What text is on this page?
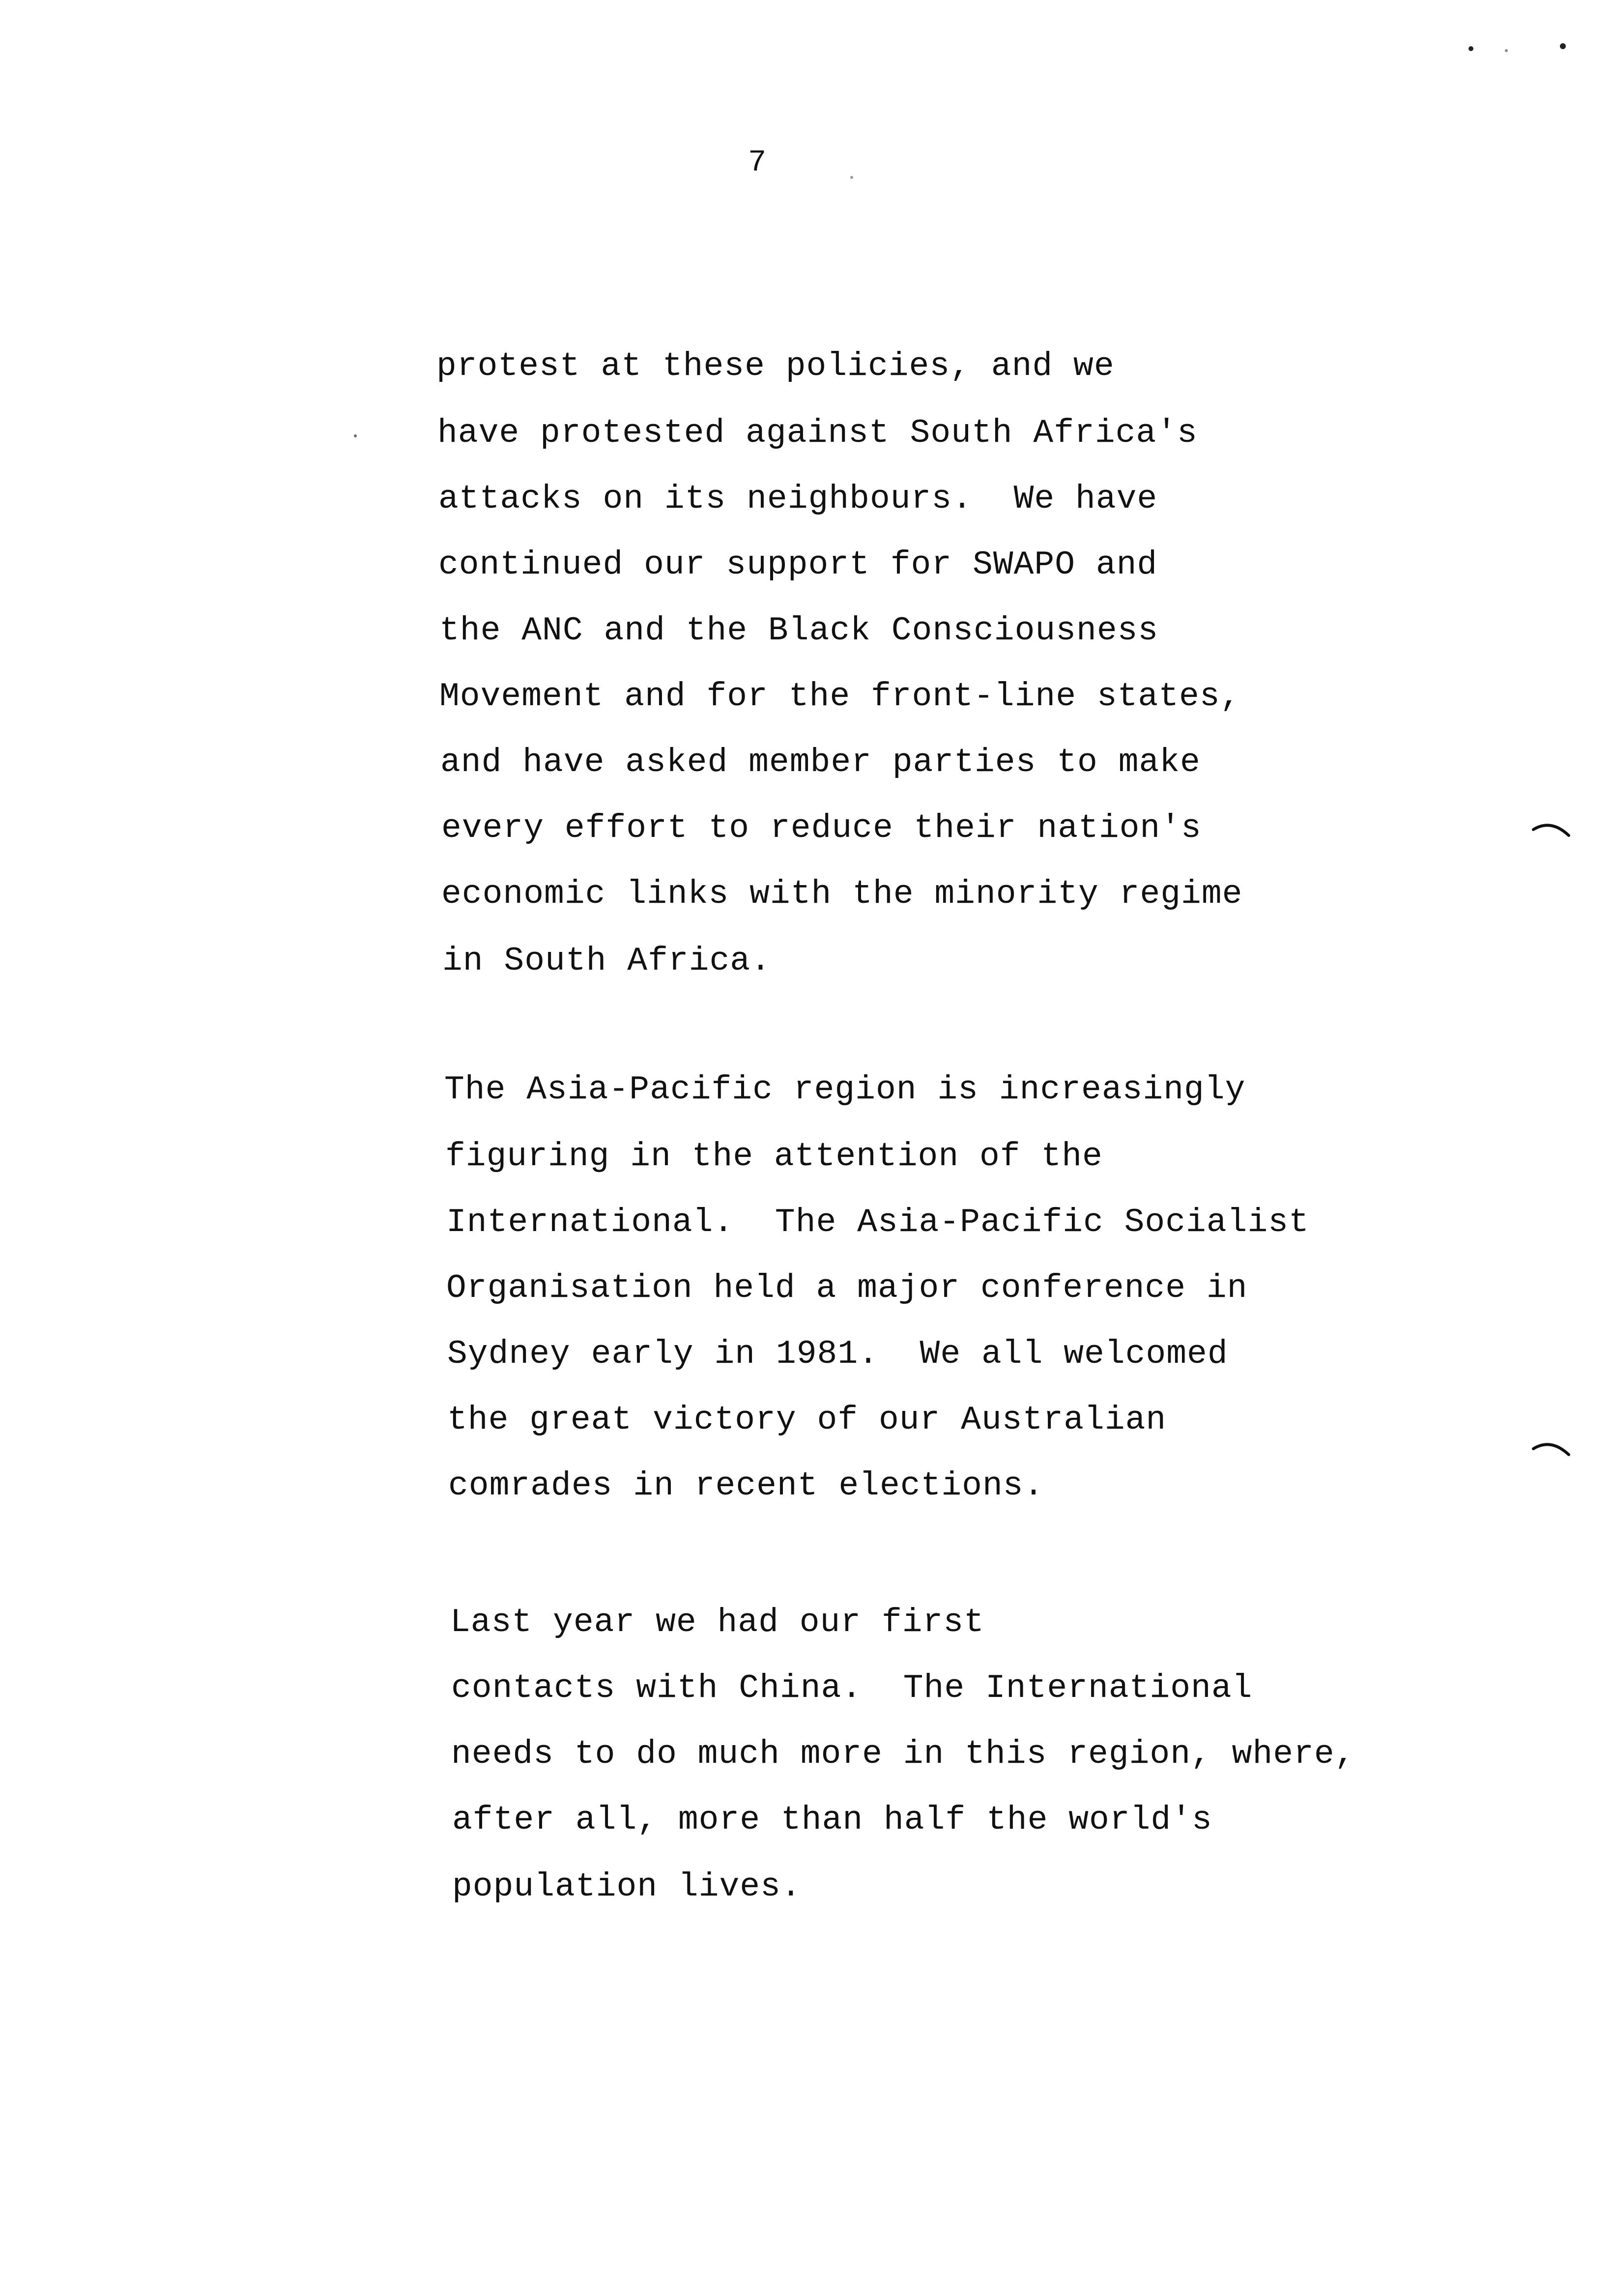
7
protest at these policies, and we
have protested against South Africa's
attacks on its neighbours.  We have
continued our support for SWAPO and
the ANC and the Black Consciousness
Movement and for the front-line states,
and have asked member parties to make
every effort to reduce their nation's
economic links with the minority regime
in South Africa.
The Asia-Pacific region is increasingly
figuring in the attention of the
International.  The Asia-Pacific Socialist
Organisation held a major conference in
Sydney early in 1981.  We all welcomed
the great victory of our Australian
comrades in recent elections.
Last year we had our first
contacts with China.  The International
needs to do much more in this region, where,
after all, more than half the world's
population lives.
